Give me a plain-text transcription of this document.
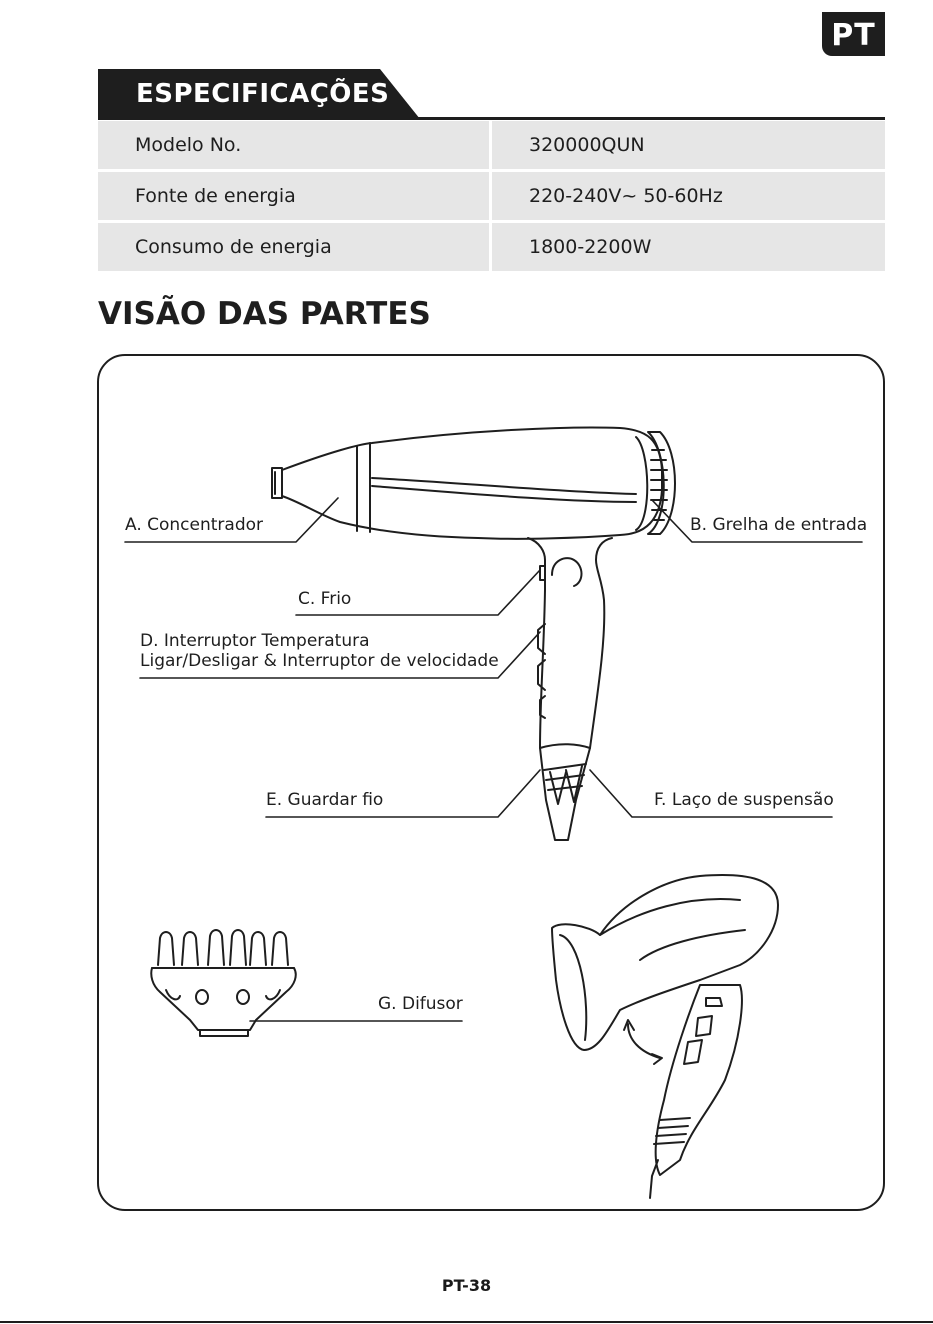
PT
ESPECIFICAÇÕES
Modelo No.	320000QUN
Fonte de energia	220-240V~ 50-60Hz
Consumo de energia	1800-2200W
VISÃO DAS PARTES
A. Concentrador	B. Grelha de entrada
C. Frio
D. Interruptor Temperatura
Ligar/Desligar & Interruptor de velocidade
E. Guardar fio	F. Laço de suspensão
G. Difusor
PT-38
